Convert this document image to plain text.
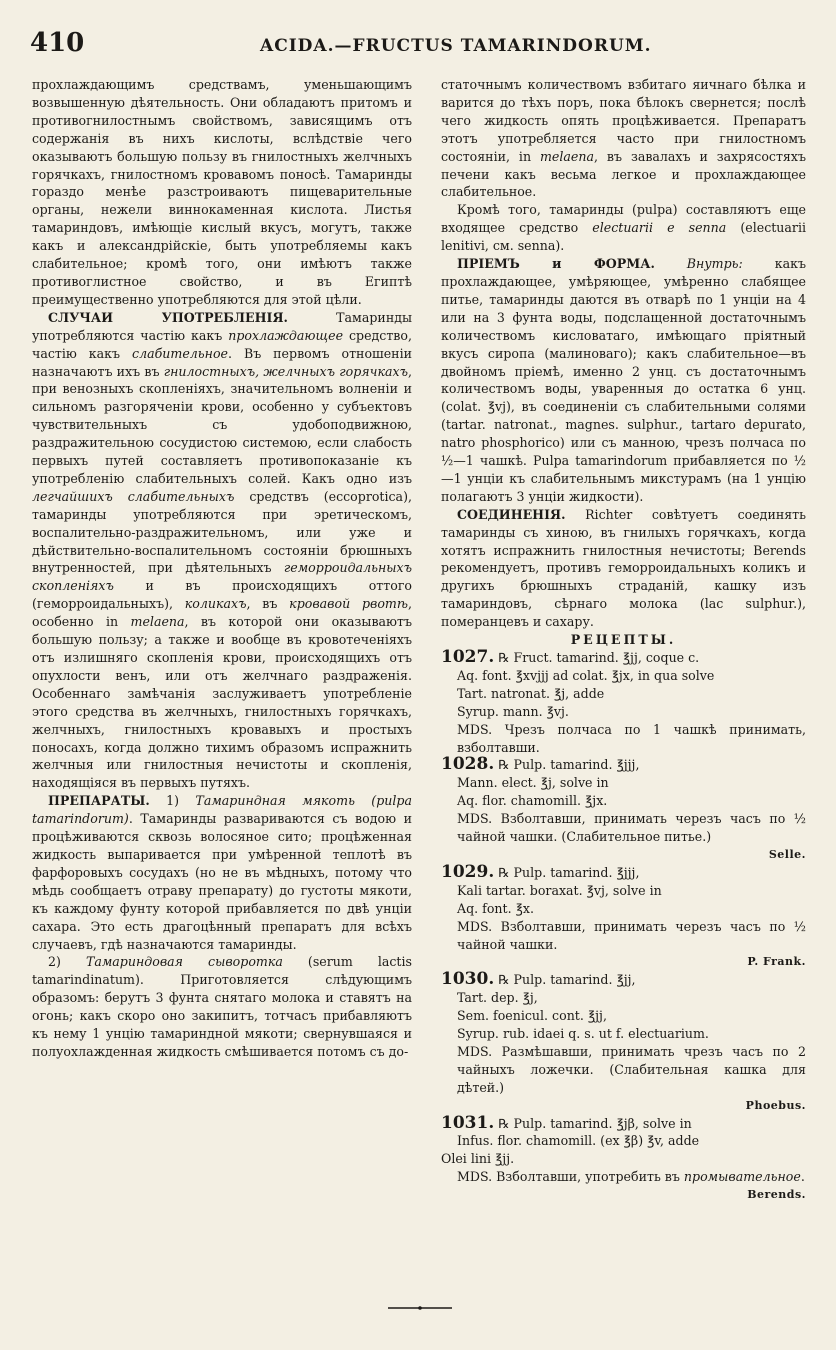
410	ACIDA.—FRUCTUS TAMARINDORUM.

прохлаждающимъ средствамъ, уменьшающимъ возвышенную дѣятельность. Они обладаютъ притомъ и противогнилостнымъ свойствомъ, зависящимъ отъ содержанія въ нихъ кислоты, вслѣдствіе чего оказываютъ большую пользу въ гнилостныхъ желчныхъ горячкахъ, гнилостномъ кровавомъ поносѣ. Тамаринды гораздо менѣе разстроиваютъ пищеварительные органы, нежели виннокаменная кислота. Листья тамариндовъ, имѣющіе кислый вкусъ, могутъ, также какъ и александрійскіе, быть употребляемы какъ слабительное; кромѣ того, они имѣютъ также противоглистное свойство, и въ Египтѣ преимущественно употребляются для этой цѣли.

СЛУЧАИ УПОТРЕБЛЕНІЯ. Тамаринды употребляются частію какъ прохлаждающее средство, частію какъ слабительное. Въ первомъ отношеніи назначаютъ ихъ въ гнилостныхъ, желчныхъ горячкахъ, при венозныхъ скопленіяхъ, значительномъ волненіи и сильномъ разгоряченіи крови, особенно у субъектовъ чувствительныхъ съ удобоподвижною, раздражительною сосудистою системою, если слабость первыхъ путей составляетъ противопоказаніе къ употребленію слабительныхъ солей. Какъ одно изъ легчайшихъ слабительныхъ средствъ (eccoprotica), тамаринды употребляются при эретическомъ, воспалительно-раздражительномъ, или уже и дѣйствительно-воспалительномъ состояніи брюшныхъ внутренностей, при дѣятельныхъ геморроидальныхъ скопленіяхъ и въ происходящихъ оттого (геморроидальныхъ), коликахъ, въ кровавой рвотѣ, особенно in melaena, въ которой они оказываютъ большую пользу; а также и вообще въ кровотеченіяхъ отъ излишняго скопленія крови, происходящихъ отъ опухлости венъ, или отъ желчнаго раздраженія. Особеннаго замѣчанія заслуживаетъ употребленіе этого средства въ желчныхъ, гнилостныхъ горячкахъ, желчныхъ, гнилостныхъ кровавыхъ и простыхъ поносахъ, когда должно тихимъ образомъ испражнить желчныя или гнилостныя нечистоты и скопленія, находящіяся въ первыхъ путяхъ.

ПРЕПАРАТЫ. 1) Тамариндная мякоть (pulpa tamarindorum). Тамаринды развариваются съ водою и процѣживаются сквозь волосяное сито; процѣженная жидкость выпаривается при умѣренной теплотѣ въ фарфоровыхъ сосудахъ (но не въ мѣдныхъ, потому что мѣдь сообщаетъ отраву препарату) до густоты мякоти, къ каждому фунту которой прибавляется по двѣ унціи сахара. Это есть драгоцѣнный препаратъ для всѣхъ случаевъ, гдѣ назначаются тамаринды.

2) Тамариндовая сыворотка (serum lactis tamarindinatum). Приготовляется слѣдующимъ образомъ: берутъ 3 фунта снятаго молока и ставятъ на огонь; какъ скоро оно закипитъ, тотчасъ прибавляютъ къ нему 1 унцію тамариндной мякоти; свернувшаяся и полуохлажденная жидкость смѣшивается потомъ съ до-

статочнымъ количествомъ взбитаго яичнаго бѣлка и варится до тѣхъ поръ, пока бѣлокъ свернется; послѣ чего жидкость опять процѣживается. Препаратъ этотъ употребляется часто при гнилостномъ состояніи, in melaena, въ завалахъ и захрясостяхъ печени какъ весьма легкое и прохлаждающее слабительное.

Кромѣ того, тамаринды (pulpa) составляютъ еще входящее средство electuarii e senna (electuarii lenitivi, см. senna).

ПРІЕМЪ и ФОРМА. Внутрь: какъ прохлаждающее, умѣряющее, умѣренно слабящее питье, тамаринды даются въ отварѣ по 1 унціи на 4 или на 3 фунта воды, подслащенной достаточнымъ количествомъ кисловатаго, имѣющаго пріятный вкусъ сиропа (малиноваго); какъ слабительное—въ двойномъ пріемѣ, именно 2 унц. съ достаточнымъ количествомъ воды, уваренныя до остатка 6 унц. (colat. ℥vj), въ соединеніи съ слабительными солями (tartar. natronat., magnes. sulphur., tartaro depurato, natro phosphorico) или съ манною, чрезъ полчаса по ½—1 чашкѣ. Pulpa tamarindorum прибавляется по ½—1 унціи къ слабительнымъ микстурамъ (на 1 унцію полагаютъ 3 унціи жидкости).

СОЕДИНЕНІЯ. Richter совѣтуетъ соединять тамаринды съ хиною, въ гнилыхъ горячкахъ, когда хотятъ испражнить гнилостныя нечистоты; Berends рекомендуетъ, противъ геморроидальныхъ коликъ и другихъ брюшныхъ страданій, кашку изъ тамариндовъ, сѣрнаго молока (lac sulphur.), померанцевъ и сахару.

РЕЦЕПТЫ.
1027. ℞ Fruct. tamarind. ℥jj, coque c.
Aq. font. ℥xvjjj ad colat. ℥jx, in qua solve
Tart. natronat. ℥j, adde
Syrup. mann. ℥vj.
MDS. Чрезъ полчаса по 1 чашкѣ принимать, взболтавши.
1028. ℞ Pulp. tamarind. ℥jjj,
Mann. elect. ℥j, solve in
Aq. flor. chamomill. ℥jx.
MDS. Взболтавши, принимать черезъ часъ по ½ чайной чашки. (Слабительное питье.)
Selle.
1029. ℞ Pulp. tamarind. ℥jjj,
Kali tartar. boraxat. ℥vj, solve in
Aq. font. ℥x.
MDS. Взболтавши, принимать черезъ часъ по ½ чайной чашки.
P. Frank.
1030. ℞ Pulp. tamarind. ℥jj,
Tart. dep. ℥j,
Sem. foenicul. cont. ℥jj,
Syrup. rub. idaei q. s. ut f. electuarium.
MDS. Размѣшавши, принимать чрезъ часъ по 2 чайныхъ ложечки. (Слабительная кашка для дѣтей.)
Phoebus.
1031. ℞ Pulp. tamarind. ℥jβ, solve in
Infus. flor. chamomill. (ex ℥β) ℥v, adde
Olei lini ℥jj.
MDS. Взболтавши, употребить въ промывательное.
Berends.
